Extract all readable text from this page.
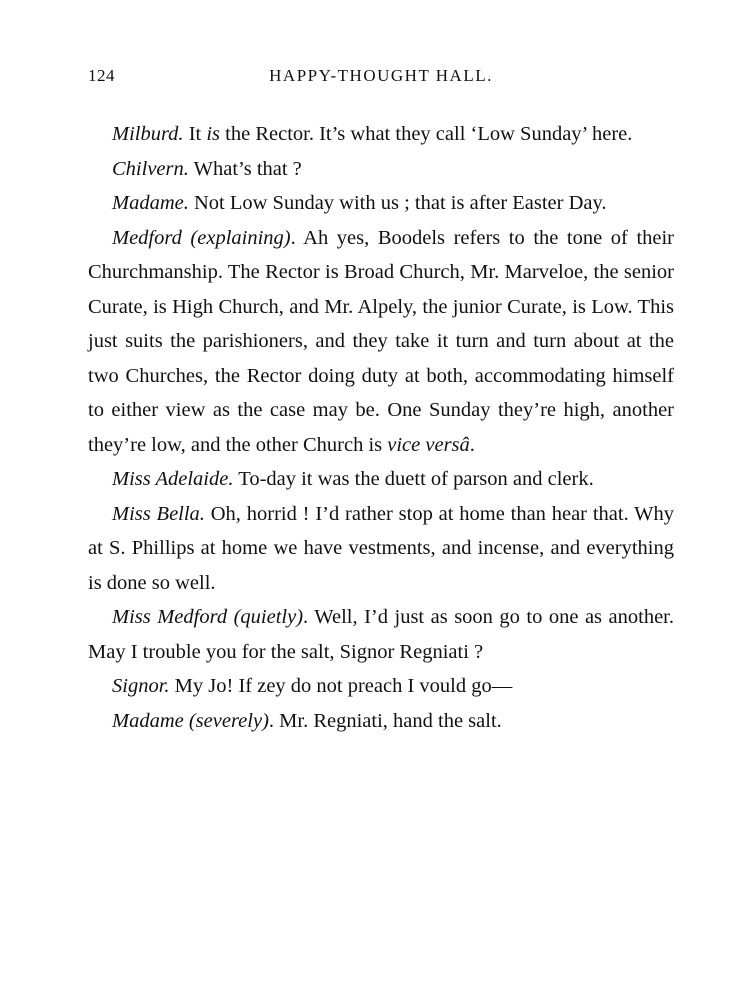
124	HAPPY-THOUGHT HALL.

Milburd. It is the Rector. It’s what they call ‘Low Sunday’ here.

Chilvern. What’s that ?

Madame. Not Low Sunday with us ; that is after Easter Day.

Medford (explaining). Ah yes, Boodels refers to the tone of their Churchmanship. The Rector is Broad Church, Mr. Marveloe, the senior Curate, is High Church, and Mr. Alpely, the junior Curate, is Low. This just suits the parishioners, and they take it turn and turn about at the two Churches, the Rector doing duty at both, accommodating himself to either view as the case may be. One Sunday they’re high, another they’re low, and the other Church is vice versâ.

Miss Adelaide. To-day it was the duett of parson and clerk.

Miss Bella. Oh, horrid ! I’d rather stop at home than hear that. Why at S. Phillips at home we have vestments, and incense, and everything is done so well.

Miss Medford (quietly). Well, I’d just as soon go to one as another. May I trouble you for the salt, Signor Regniati ?

Signor. My Jo! If zey do not preach I vould go—

Madame (severely). Mr. Regniati, hand the salt.
